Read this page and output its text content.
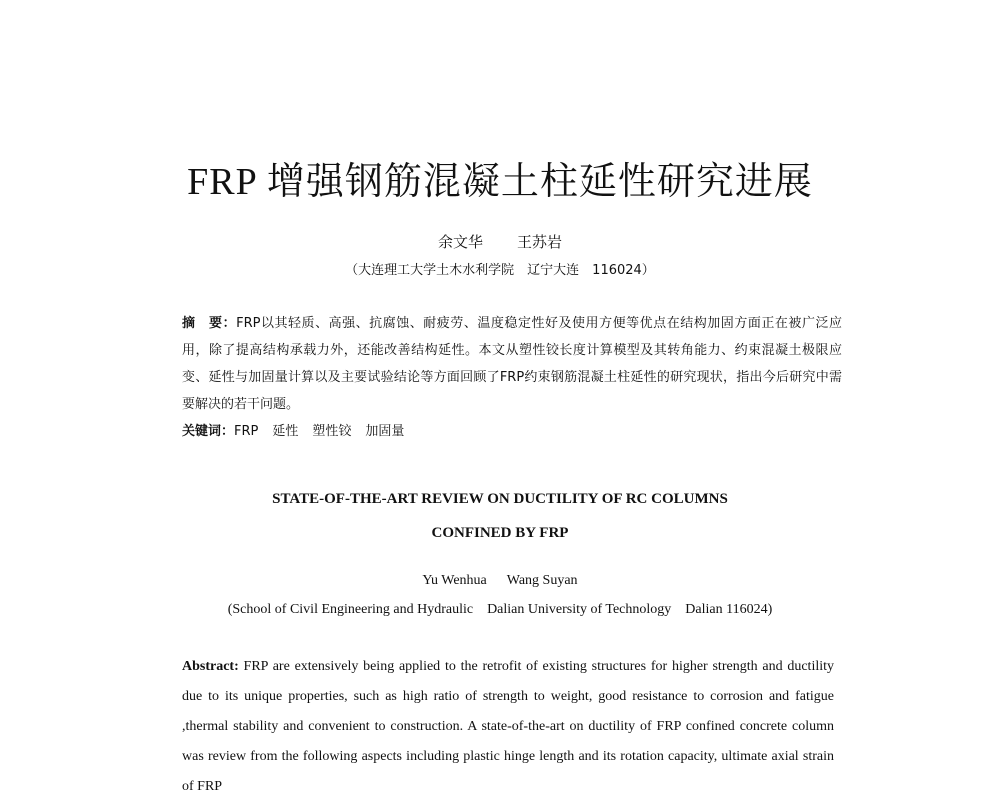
FRP 增强钢筋混凝土柱延性研究进展
余文华 王苏岩
（大连理工大学土木水利学院　辽宁大连　116024）
摘　要：FRP以其轻质、高强、抗腐蚀、耐疲劳、温度稳定性好及使用方便等优点在结构加固方面正在被广泛应用，除了提高结构承载力外，还能改善结构延性。本文从塑性铰长度计算模型及其转角能力、约束混凝土极限应变、延性与加固量计算以及主要试验结论等方面回顾了FRP约束钢筋混凝土柱延性的研究现状，指出今后研究中需要解决的若干问题。
关键词：FRP 延性 塑性铰 加固量
STATE-OF-THE-ART REVIEW ON DUCTILITY OF RC COLUMNS
CONFINED BY FRP
Yu Wenhua Wang Suyan
(School of Civil Engineering and Hydraulic　Dalian University of Technology　Dalian 116024)
Abstract: FRP are extensively being applied to the retrofit of existing structures for higher strength and ductility due to its unique properties, such as high ratio of strength to weight, good resistance to corrosion and fatigue ,thermal stability and convenient to construction. A state-of-the-art on ductility of FRP confined concrete column was review from the following aspects including plastic hinge length and its rotation capacity, ultimate axial strain of FRP
